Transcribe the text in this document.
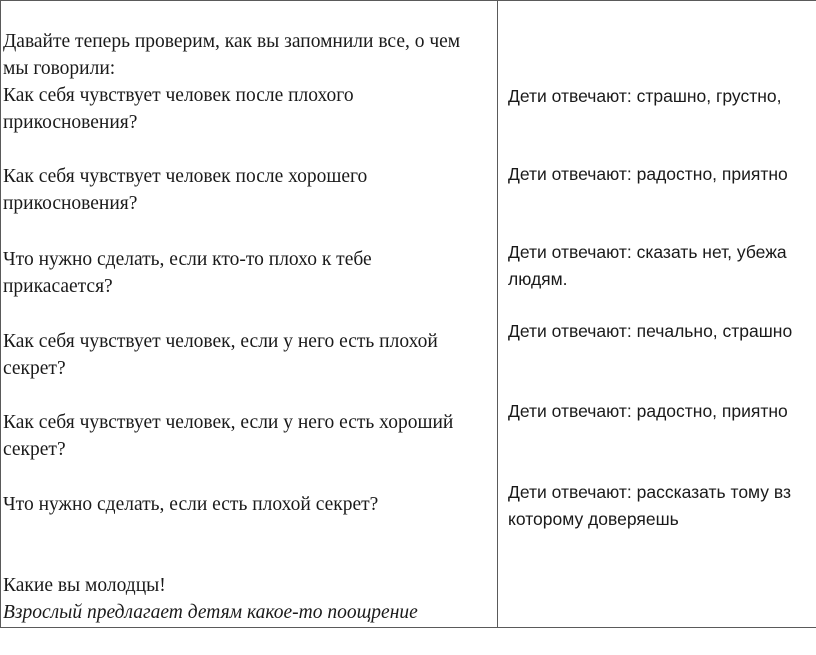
Давайте теперь проверим, как вы запомнили все, о чем
мы говорили:
Как себя чувствует человек после плохого
прикосновения?
Как себя чувствует человек после хорошего
прикосновения?
Что нужно сделать, если кто-то плохо к тебе
прикасается?
Как себя чувствует человек, если у него есть плохой
секрет?
Как себя чувствует человек, если у него есть хороший
секрет?
Что нужно сделать, если есть плохой секрет?
Какие вы молодцы!
Взрослый предлагает детям какое-то поощрение
Дети отвечают: страшно, грустно,
Дети отвечают: радостно, приятно
Дети отвечают: сказать нет, убежа
людям.
Дети отвечают: печально, страшно
Дети отвечают: радостно, приятно
Дети отвечают: рассказать тому вз
которому доверяешь
